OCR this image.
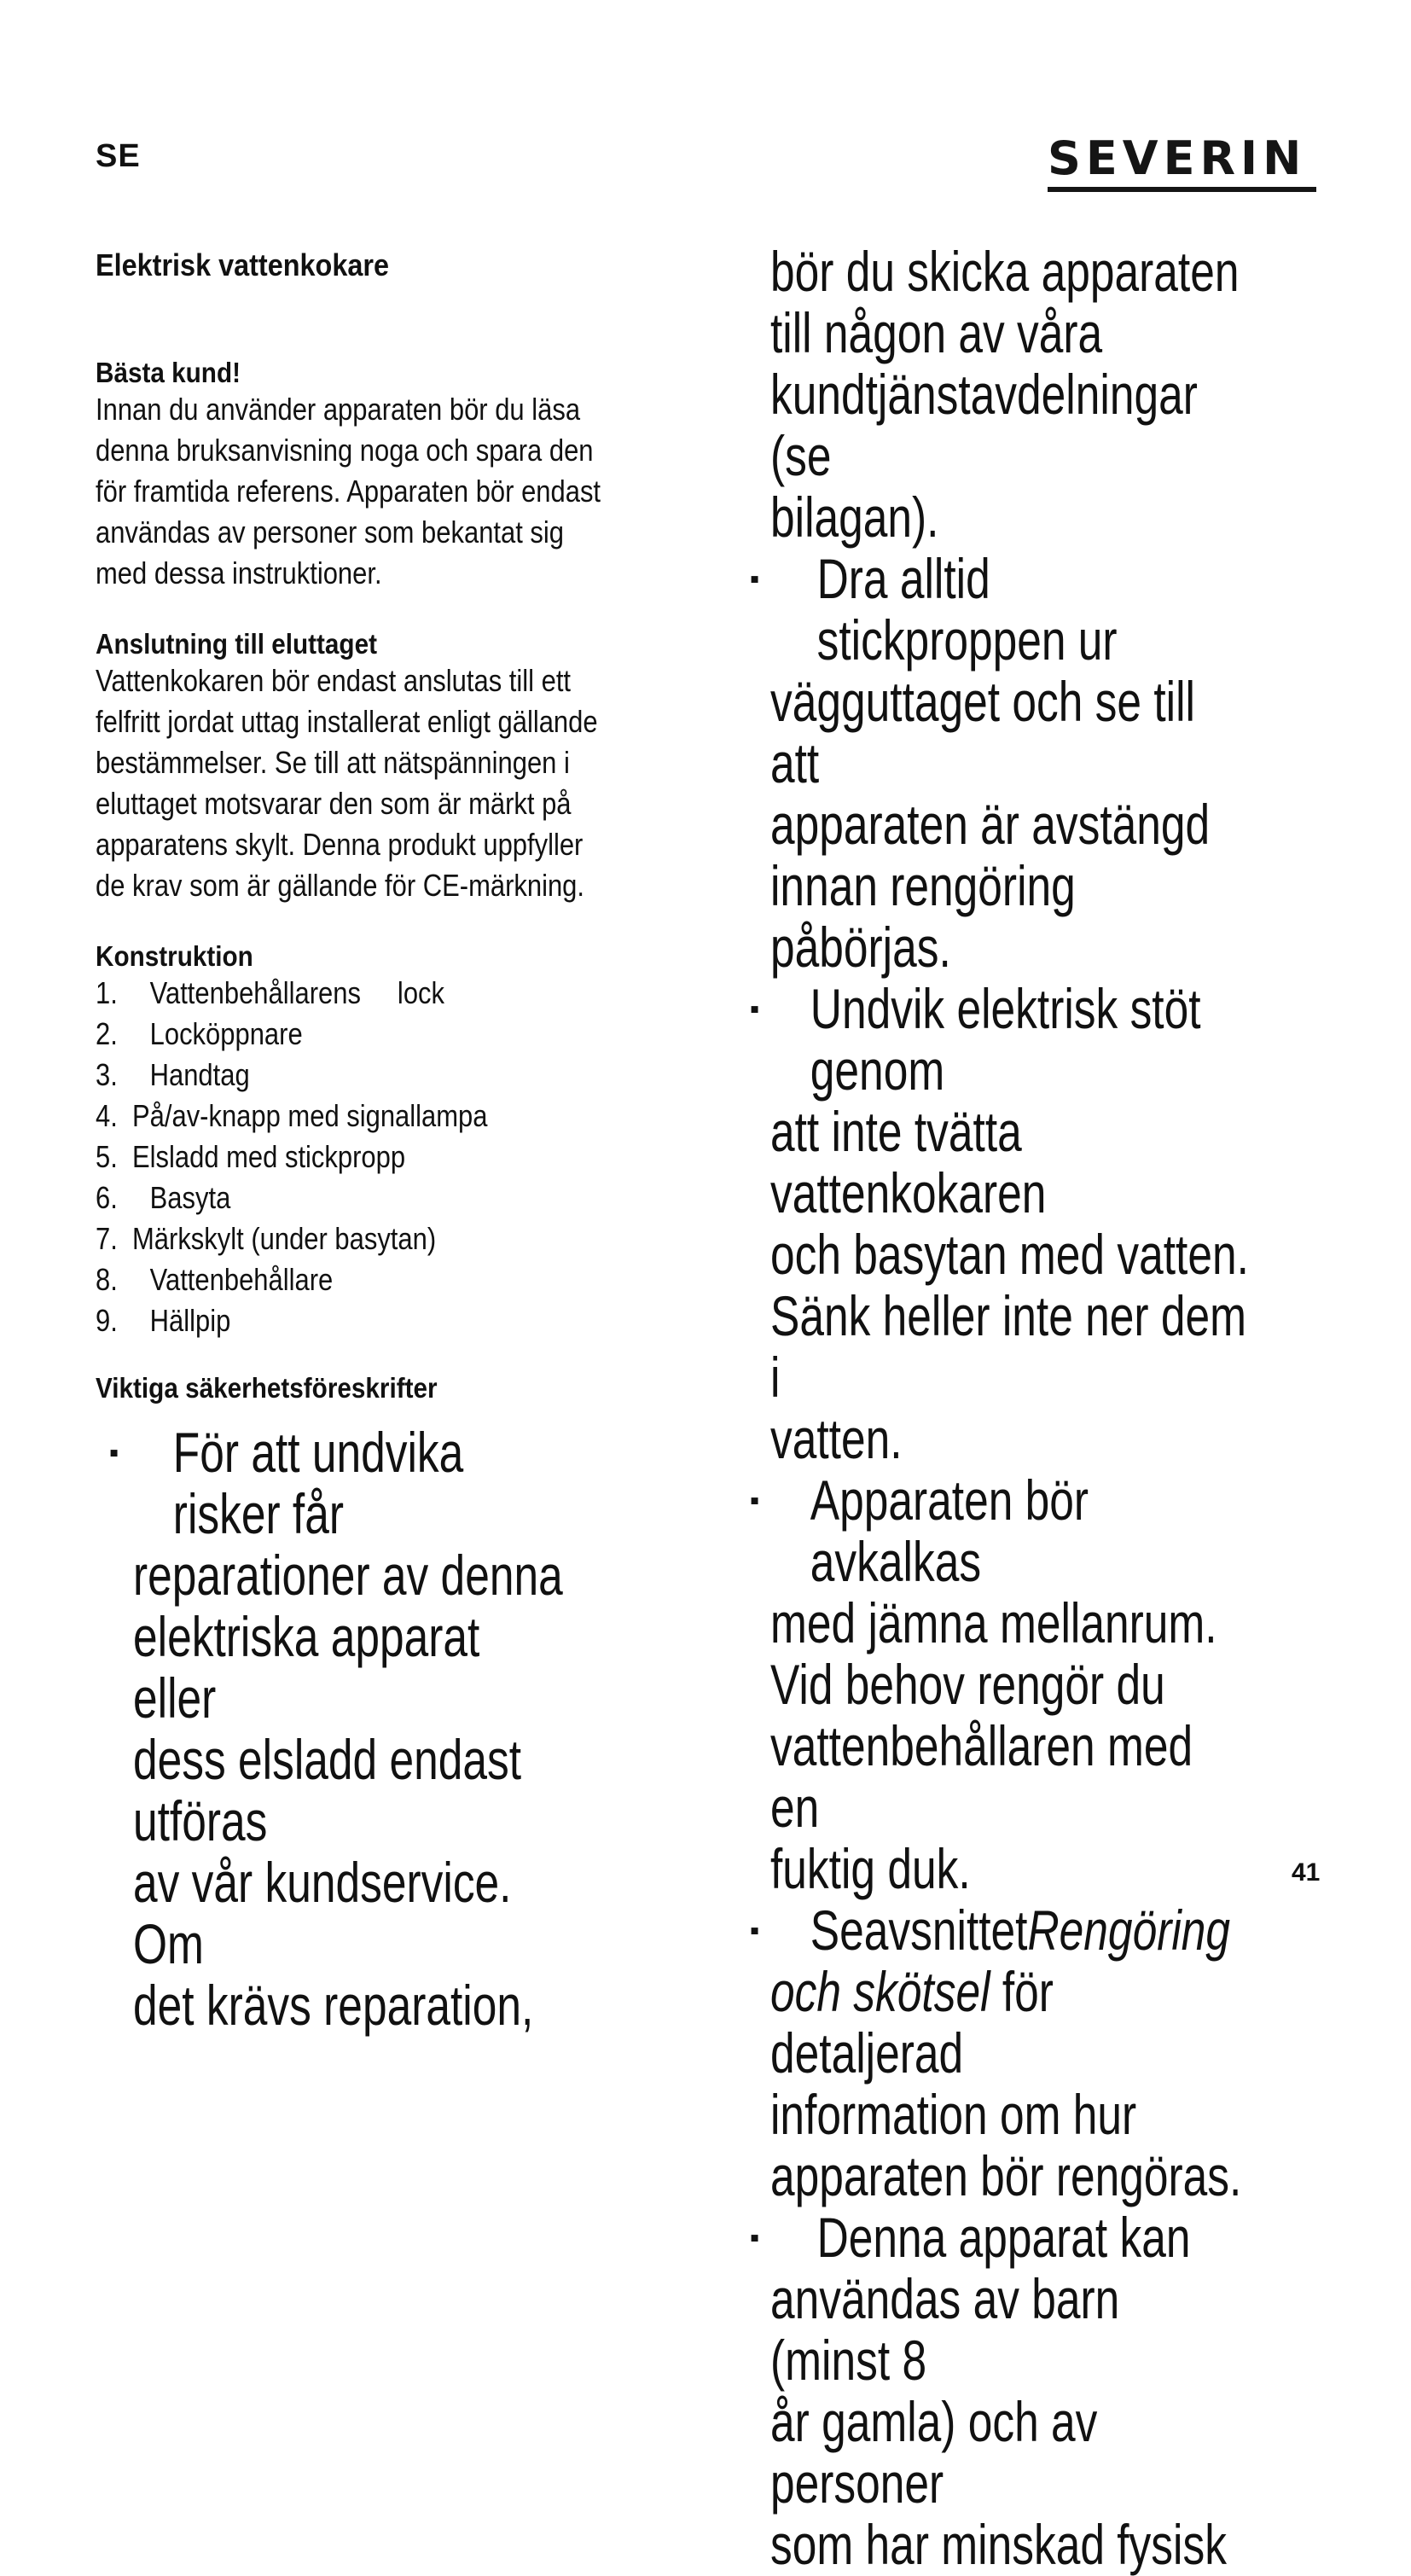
SE	SEVERIN
Elektrisk vattenkokare
Bästa kund!
Innan du använder apparaten bör du läsa
denna bruksanvisning noga och spara den
för framtida referens. Apparaten bör endast
användas av personer som bekantat sig
med dessa instruktioner.
Anslutning till eluttaget
Vattenkokaren bör endast anslutas till ett
felfritt jordat uttag installerat enligt gällande
bestämmelser. Se till att nätspänningen i
eluttaget motsvarar den som är märkt på
apparatens skylt. Denna produkt uppfyller
de krav som är gällande för CE-märkning.
Konstruktion
1. Vattenbehållarens     lock
2. Locköppnare
3. Handtag
4. På/av-knapp med signallampa
5. Elsladd med stickpropp
6. Basyta
7. Märkskylt (under basytan)
8. Vattenbehållare
9. Hällpip
Viktiga säkerhetsföreskrifter
▪ För att undvika risker får
reparationer av denna
elektriska apparat eller
dess elsladd endast utföras
av vår kundservice. Om
det krävs reparation,
bör du skicka apparaten
till någon av våra
kundtjänstavdelningar (se
bilagan).
▪	Dra alltid stickproppen ur
vägguttaget och se till att
apparaten är avstängd
innan rengöring påbörjas.
▪ Undvik elektrisk stöt genom
att inte tvätta vattenkokaren
och basytan med vatten.
Sänk heller inte ner dem i
vatten.
▪ Apparaten bör avkalkas
med jämna mellanrum.
Vid behov rengör du
vattenbehållaren med en
fuktig duk.
▪ SeavsnittetRengöring
och skötsel för detaljerad
information om hur
apparaten bör rengöras.
▪	Denna apparat kan
användas av barn (minst 8
år gamla) och av personer
som har minskad fysisk
41
